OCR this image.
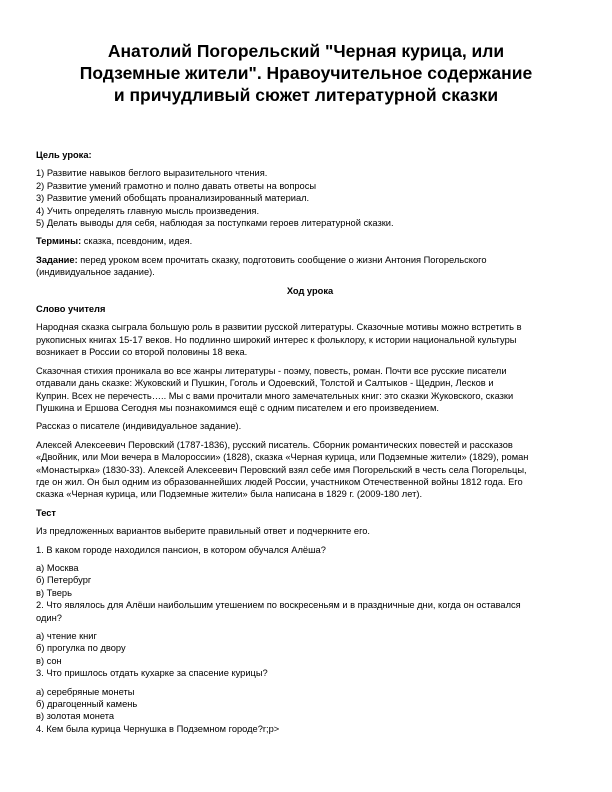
Анатолий Погорельский "Черная курица, или
Подземные жители". Нравоучительное содержание
и причудливый сюжет литературной сказки

Цель урока:

1) Развитие навыков беглого выразительного чтения.
2) Развитие умений грамотно и полно давать ответы на вопросы
3) Развитие умений обобщать проанализированный материал.
4) Учить определять главную мысль произведения.
5) Делать выводы для себя, наблюдая за поступками героев литературной сказки.

Термины: сказка, псевдоним, идея.

Задание: перед уроком всем прочитать сказку, подготовить сообщение о жизни Антония Погорельского
(индивидуальное задание).

Ход урока

Слово учителя

Народная сказка сыграла большую роль в развитии русской литературы. Сказочные мотивы можно встретить в
рукописных книгах 15-17 веков. Но подлинно широкий интерес к фольклору, к истории национальной культуры
возникает в России со второй половины 18 века.
Сказочная стихия проникала во все жанры литературы - поэму, повесть, роман. Почти все русские писатели
отдавали дань сказке: Жуковский и Пушкин, Гоголь и Одоевский, Толстой и Салтыков - Щедрин, Лесков и
Куприн. Всех не перечесть….. Мы с вами прочитали много замечательных книг: это сказки Жуковского, сказки
Пушкина и Ершова Сегодня мы познакомимся ещё с одним писателем и его произведением.

Рассказ о писателе (индивидуальное задание).

Алексей Алексеевич Перовский (1787-1836), русский писатель. Сборник романтических повестей и рассказов
«Двойник, или Мои вечера в Малороссии» (1828), сказка «Черная курица, или Подземные жители» (1829), роман
«Монастырка» (1830-33). Алексей Алексеевич Перовский взял себе имя Погорельский в честь села Погорельцы,
где он жил. Он был одним из образованнейших людей России, участником Отечественной войны 1812 года. Его
сказка «Черная курица, или Подземные жители» была написана в 1829 г. (2009-180 лет).

Тест

Из предложенных вариантов выберите правильный ответ и подчеркните его.

1. В каком городе находился пансион, в котором обучался Алёша?

а) Москва
б) Петербург
в) Тверь
2. Что являлось для Алёши наибольшим утешением по воскресеньям и в праздничные дни, когда он оставался
один?
а) чтение книг
б) прогулка по двору
в) сон
3. Что пришлось отдать кухарке за спасение курицы?
а) серебряные монеты
б) драгоценный камень
в) золотая монета
4. Кем была курица Чернушка в Подземном городе?r;p>
